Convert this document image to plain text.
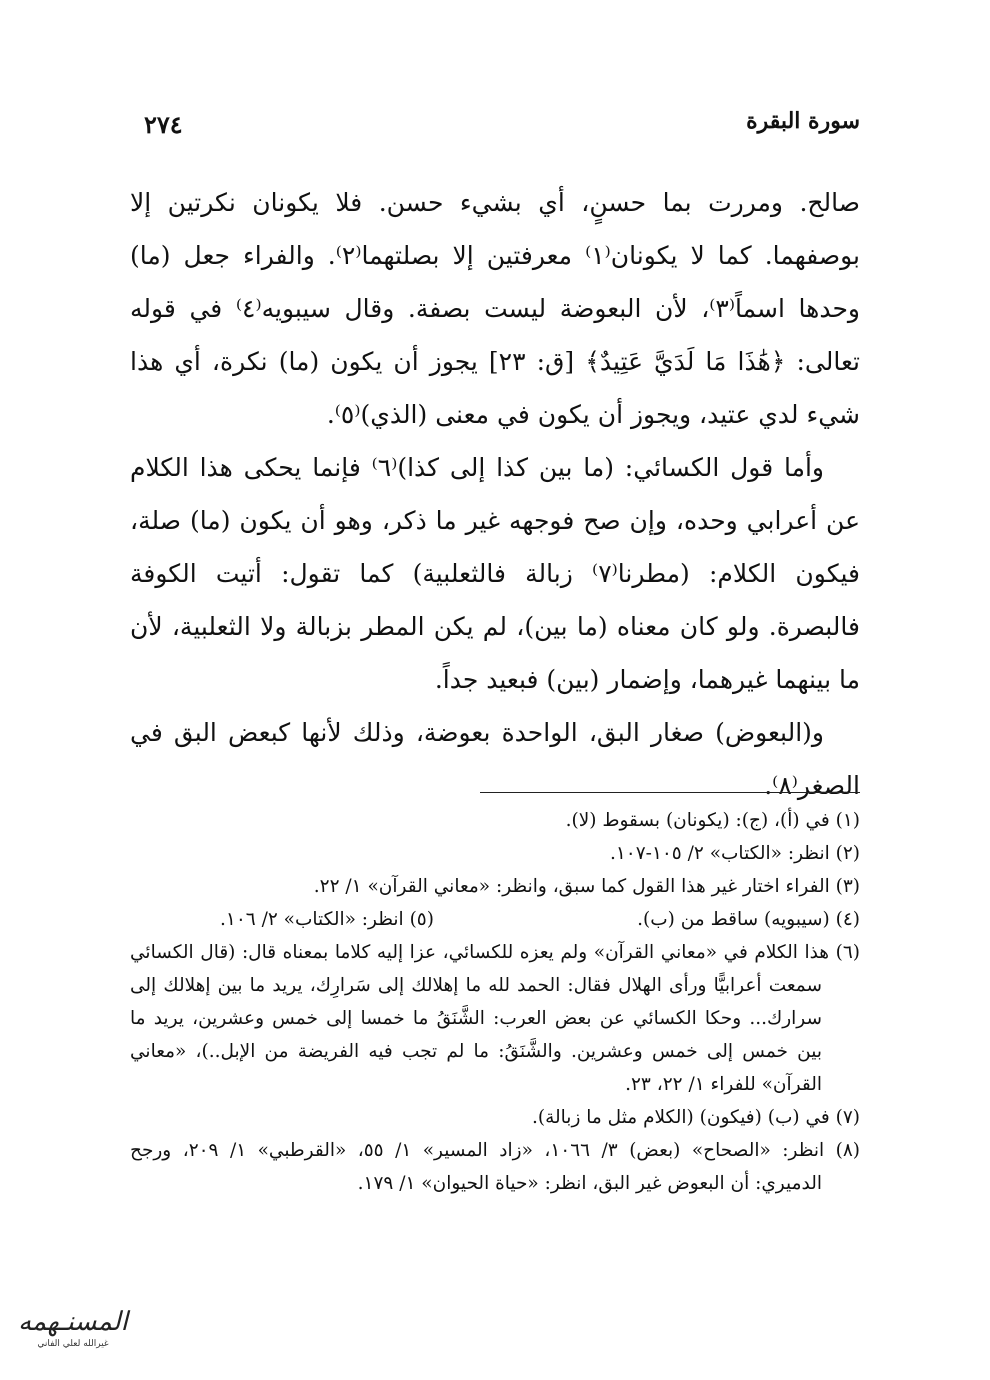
سورة البقرة
٢٧٤

صالح. ومررت بما حسنٍ، أي بشيء حسن. فلا يكونان نكرتين إلا بوصفهما. كما لا يكونان⁽١⁾ معرفتين إلا بصلتهما⁽٢⁾. والفراء جعل (ما) وحدها اسماً⁽٣⁾، لأن البعوضة ليست بصفة. وقال سيبويه⁽٤⁾ في قوله تعالى: ﴿هَٰذَا مَا لَدَيَّ عَتِيدٌ﴾ [ق: ٢٣] يجوز أن يكون (ما) نكرة، أي هذا شيء لدي عتيد، ويجوز أن يكون في معنى (الذي)⁽٥⁾.

وأما قول الكسائي: (ما بين كذا إلى كذا)⁽٦⁾ فإنما يحكى هذا الكلام عن أعرابي وحده، وإن صح فوجهه غير ما ذكر، وهو أن يكون (ما) صلة، فيكون الكلام: (مطرنا⁽٧⁾ زبالة فالثعلبية) كما تقول: أتيت الكوفة فالبصرة. ولو كان معناه (ما بين)، لم يكن المطر بزبالة ولا الثعلبية، لأن ما بينهما غيرهما، وإضمار (بين) فبعيد جداً.

و(البعوض) صغار البق، الواحدة بعوضة، وذلك لأنها كبعض البق في الصغر⁽٨⁾.

(١) في (أ)، (ج): (يكونان) بسقوط (لا).

(٢) انظر: «الكتاب» ٢/ ١٠٥-١٠٧.

(٣) الفراء اختار غير هذا القول كما سبق، وانظر: «معاني القرآن» ١/ ٢٢.

(٤) (سيبويه) ساقط من (ب).
(٥) انظر: «الكتاب» ٢/ ١٠٦.

(٦) هذا الكلام في «معاني القرآن» ولم يعزه للكسائي، عزا إليه كلاما بمعناه قال: (قال الكسائي سمعت أعرابيًّا ورأى الهلال فقال: الحمد لله ما إهلالك إلى سَرارِك، يريد ما بين إهلالك إلى سرارك... وحكا الكسائي عن بعض العرب: الشَّنَقُ ما خمسا إلى خمس وعشرين، يريد ما بين خمس إلى خمس وعشرين. والشَّنَقُ: ما لم تجب فيه الفريضة من الإبل..)، «معاني القرآن» للفراء ١/ ٢٢، ٢٣.

(٧) في (ب) (فيكون) (الكلام مثل ما زبالة).

(٨) انظر: «الصحاح» (بعض) ٣/ ١٠٦٦، «زاد المسير» ١/ ٥٥، «القرطبي» ١/ ٢٠٩، ورجح الدميري: أن البعوض غير البق، انظر: «حياة الحيوان» ١/ ١٧٩.

المسنـهمه
غيرالله لعلي الفاني
